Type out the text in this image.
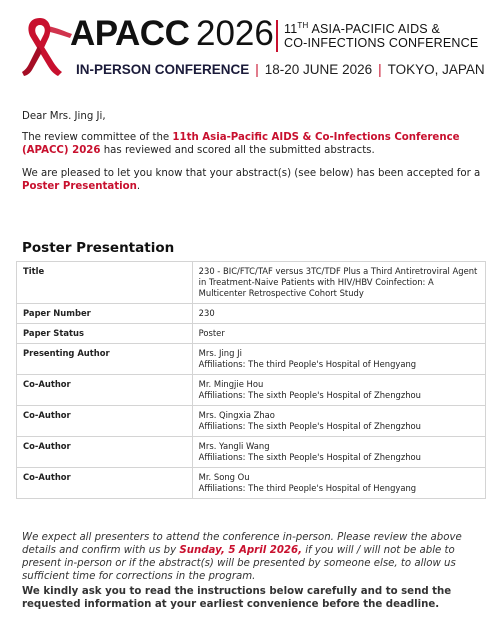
APACC 2026 11TH ASIA-PACIFIC AIDS &
CO-INFECTIONS CONFERENCE
IN-PERSON CONFERENCE | 18-20 JUNE 2026 | TOKYO, JAPAN
Dear Mrs. Jing Ji,
The review committee of the 11th Asia-Pacific AIDS & Co-Infections Conference (APACC) 2026 has reviewed and scored all the submitted abstracts.
We are pleased to let you know that your abstract(s) (see below) has been accepted for a Poster Presentation.
Poster Presentation
Title	230 - BIC/FTC/TAF versus 3TC/TDF Plus a Third Antiretroviral Agent in Treatment-Naive Patients with HIV/HBV Coinfection: A Multicenter Retrospective Cohort Study

Paper Number	230

Paper Status	Poster

Presenting Author	Mrs. Jing Ji
Affiliations: The third People's Hospital of Hengyang

Co-Author	Mr. Mingjie Hou
Affiliations: The sixth People's Hospital of Zhengzhou

Co-Author	Mrs. Qingxia Zhao
Affiliations: The sixth People's Hospital of Zhengzhou

Co-Author	Mrs. Yangli Wang
Affiliations: The sixth People's Hospital of Zhengzhou

Co-Author	Mr. Song Ou
Affiliations: The third People's Hospital of Hengyang
We expect all presenters to attend the conference in-person. Please review the above details and confirm with us by Sunday, 5 April 2026, if you will / will not be able to present in-person or if the abstract(s) will be presented by someone else, to allow us sufficient time for corrections in the program.
We kindly ask you to read the instructions below carefully and to send the requested information at your earliest convenience before the deadline.
